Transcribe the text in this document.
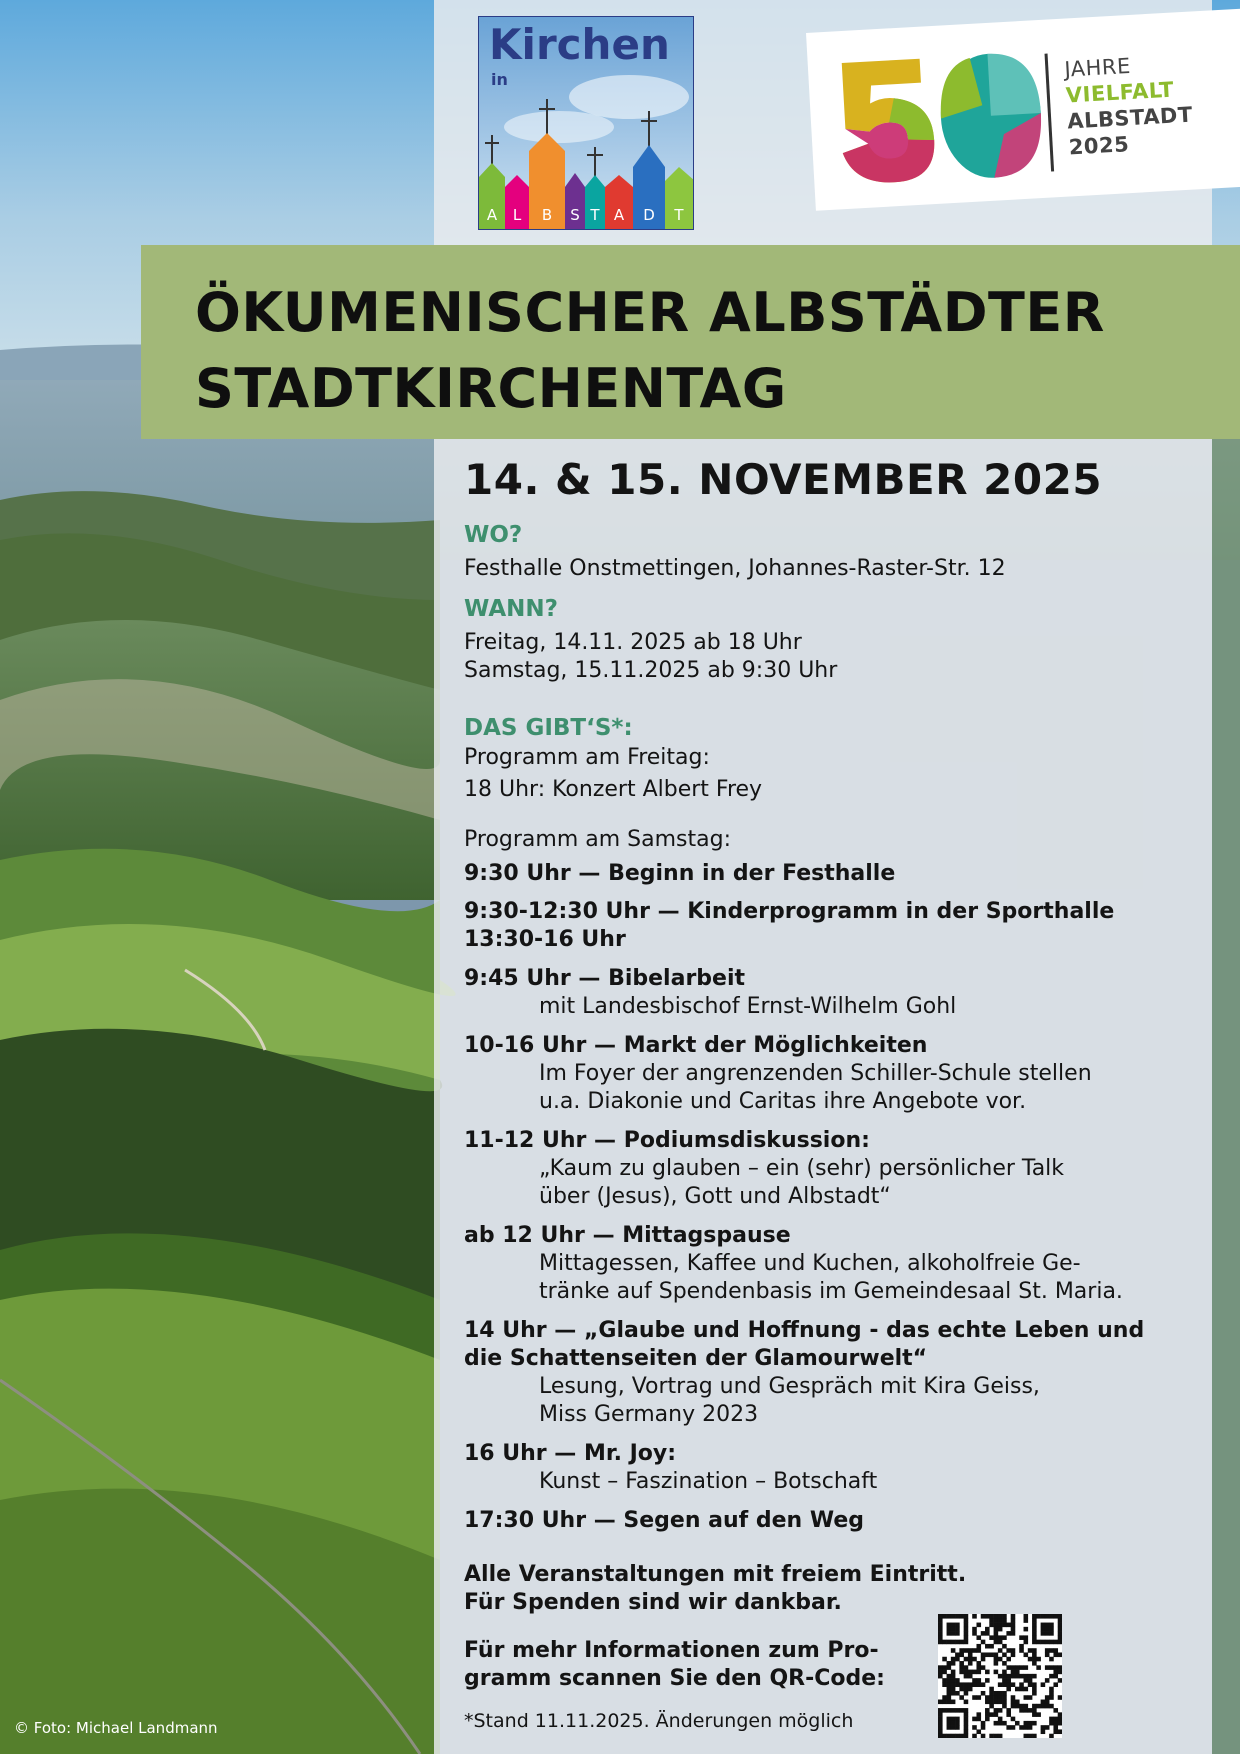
Kirchen
in
A L B S T A D T
JAHRE
VIELFALT
ALBSTADT
2025
ÖKUMENISCHER ALBSTÄDTER
STADTKIRCHENTAG
14. & 15. NOVEMBER 2025
WO?
Festhalle Onstmettingen, Johannes-Raster-Str. 12
WANN?
Freitag, 14.11. 2025 ab 18 Uhr
Samstag, 15.11.2025 ab 9:30 Uhr
DAS GIBT‘S*:
Programm am Freitag:
18 Uhr: Konzert Albert Frey
Programm am Samstag:
9:30 Uhr — Beginn in der Festhalle
9:30-12:30 Uhr — Kinderprogramm in der Sporthalle
13:30-16 Uhr
9:45 Uhr — Bibelarbeit
mit Landesbischof Ernst-Wilhelm Gohl
10-16 Uhr — Markt der Möglichkeiten
Im Foyer der angrenzenden Schiller-Schule stellen
u.a. Diakonie und Caritas ihre Angebote vor.
11-12 Uhr — Podiumsdiskussion:
„Kaum zu glauben – ein (sehr) persönlicher Talk
über (Jesus), Gott und Albstadt“
ab 12 Uhr — Mittagspause
Mittagessen, Kaffee und Kuchen, alkoholfreie Ge-
tränke auf Spendenbasis im Gemeindesaal St. Maria.
14 Uhr — „Glaube und Hoffnung - das echte Leben und
die Schattenseiten der Glamourwelt“
Lesung, Vortrag und Gespräch mit Kira Geiss,
Miss Germany 2023
16 Uhr — Mr. Joy:
Kunst – Faszination – Botschaft
17:30 Uhr — Segen auf den Weg
Alle Veranstaltungen mit freiem Eintritt.
Für Spenden sind wir dankbar.
Für mehr Informationen zum Pro-
gramm scannen Sie den QR-Code:
*Stand 11.11.2025. Änderungen möglich
© Foto: Michael Landmann
